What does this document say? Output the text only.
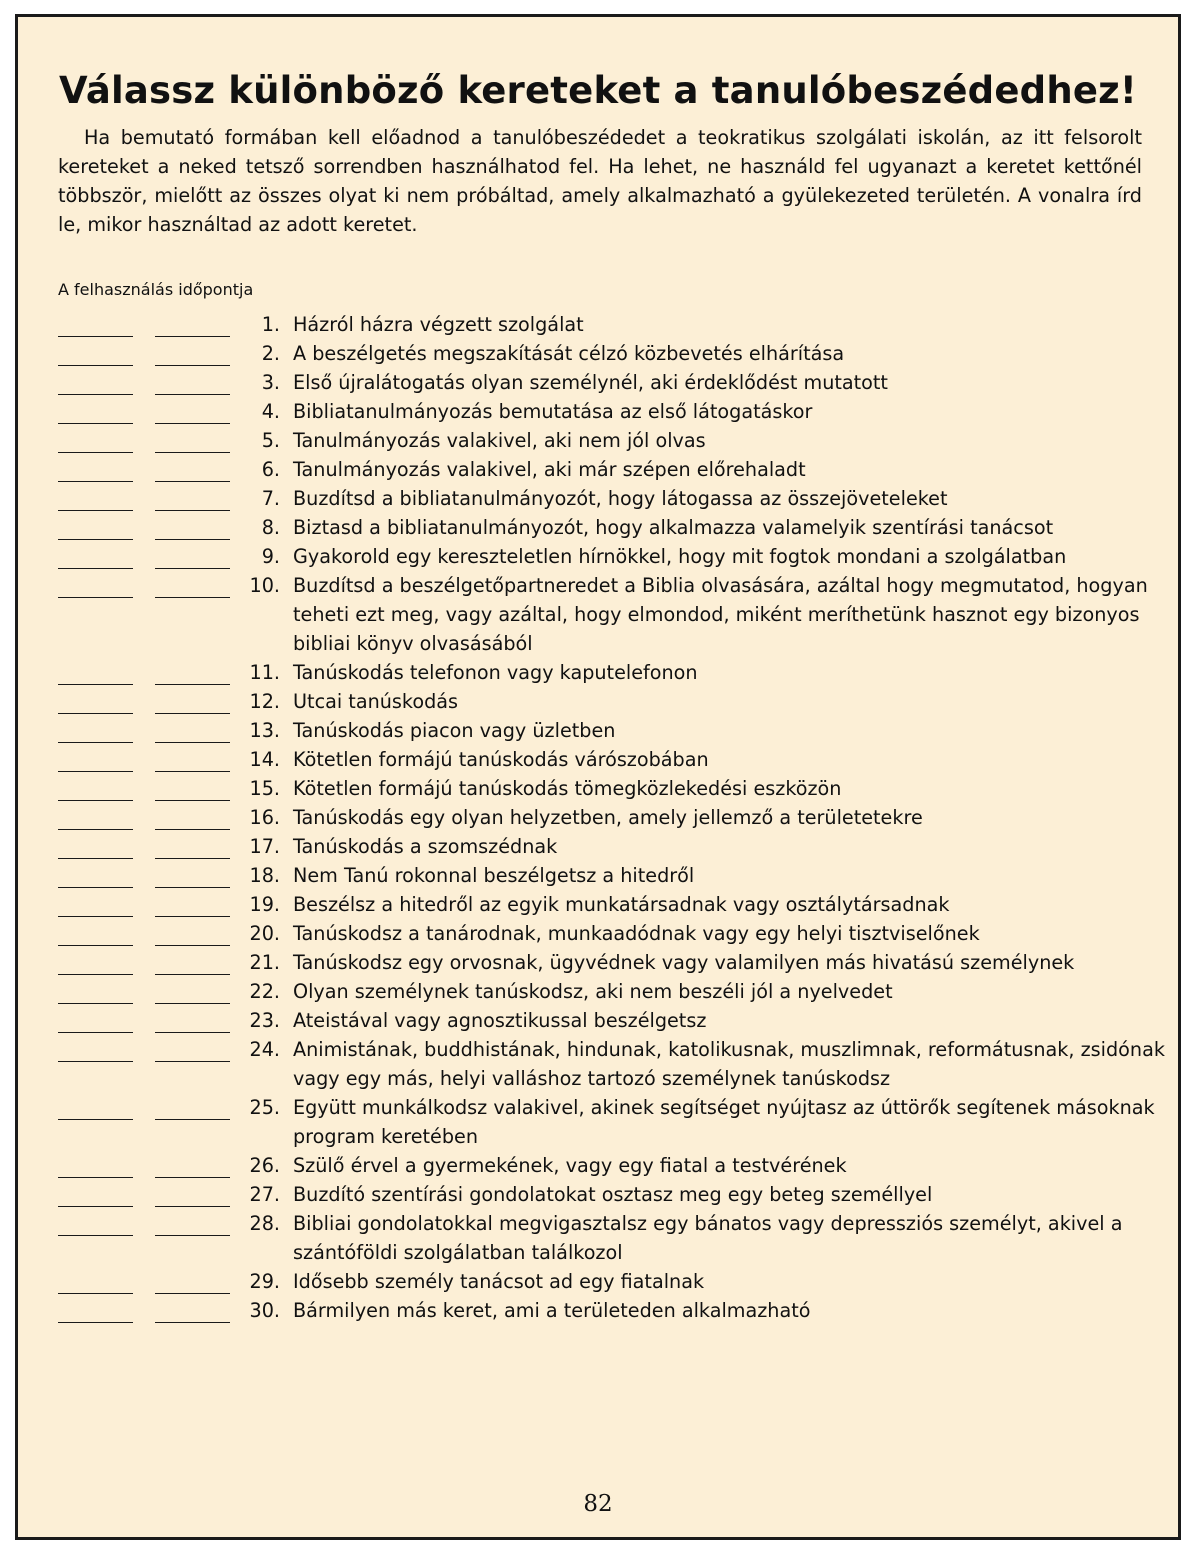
Válassz különböző kereteket a tanulóbeszédedhez!

Ha bemutató formában kell előadnod a tanulóbeszédedet a teokratikus szolgálati iskolán, az itt felsorolt kereteket a neked tetsző sorrendben használhatod fel. Ha lehet, ne használd fel ugyanazt a keretet kettőnél többször, mielőtt az összes olyat ki nem próbáltad, amely alkalmazható a gyülekezeted területén. A vonalra írd le, mikor használtad az adott keretet.

A felhasználás időpontja
1. Házról házra végzett szolgálat
2. A beszélgetés megszakítását célzó közbevetés elhárítása
3. Első újralátogatás olyan személynél, aki érdeklődést mutatott
4. Bibliatanulmányozás bemutatása az első látogatáskor
5. Tanulmányozás valakivel, aki nem jól olvas
6. Tanulmányozás valakivel, aki már szépen előrehaladt
7. Buzdítsd a bibliatanulmányozót, hogy látogassa az összejöveteleket
8. Biztasd a bibliatanulmányozót, hogy alkalmazza valamelyik szentírási tanácsot
9. Gyakorold egy kereszteletlen hírnökkel, hogy mit fogtok mondani a szolgálatban
10. Buzdítsd a beszélgetőpartneredet a Biblia olvasására, azáltal hogy megmutatod, hogyan teheti ezt meg, vagy azáltal, hogy elmondod, miként meríthetünk hasznot egy bizonyos bibliai könyv olvasásából
11. Tanúskodás telefonon vagy kaputelefonon
12. Utcai tanúskodás
13. Tanúskodás piacon vagy üzletben
14. Kötetlen formájú tanúskodás várószobában
15. Kötetlen formájú tanúskodás tömegközlekedési eszközön
16. Tanúskodás egy olyan helyzetben, amely jellemző a területetekre
17. Tanúskodás a szomszédnak
18. Nem Tanú rokonnal beszélgetsz a hitedről
19. Beszélsz a hitedről az egyik munkatársadnak vagy osztálytársadnak
20. Tanúskodsz a tanárodnak, munkaadódnak vagy egy helyi tisztviselőnek
21. Tanúskodsz egy orvosnak, ügyvédnek vagy valamilyen más hivatású személynek
22. Olyan személynek tanúskodsz, aki nem beszéli jól a nyelvedet
23. Ateistával vagy agnosztikussal beszélgetsz
24. Animistának, buddhistának, hindunak, katolikusnak, muszlimnak, reformátusnak, zsidónak vagy egy más, helyi valláshoz tartozó személynek tanúskodsz
25. Együtt munkálkodsz valakivel, akinek segítséget nyújtasz az úttörők segítenek másoknak program keretében
26. Szülő érvel a gyermekének, vagy egy fiatal a testvérének
27. Buzdító szentírási gondolatokat osztasz meg egy beteg személlyel
28. Bibliai gondolatokkal megvigasztalsz egy bánatos vagy depressziós személyt, akivel a szántóföldi szolgálatban találkozol
29. Idősebb személy tanácsot ad egy fiatalnak
30. Bármilyen más keret, ami a területeden alkalmazható
82
